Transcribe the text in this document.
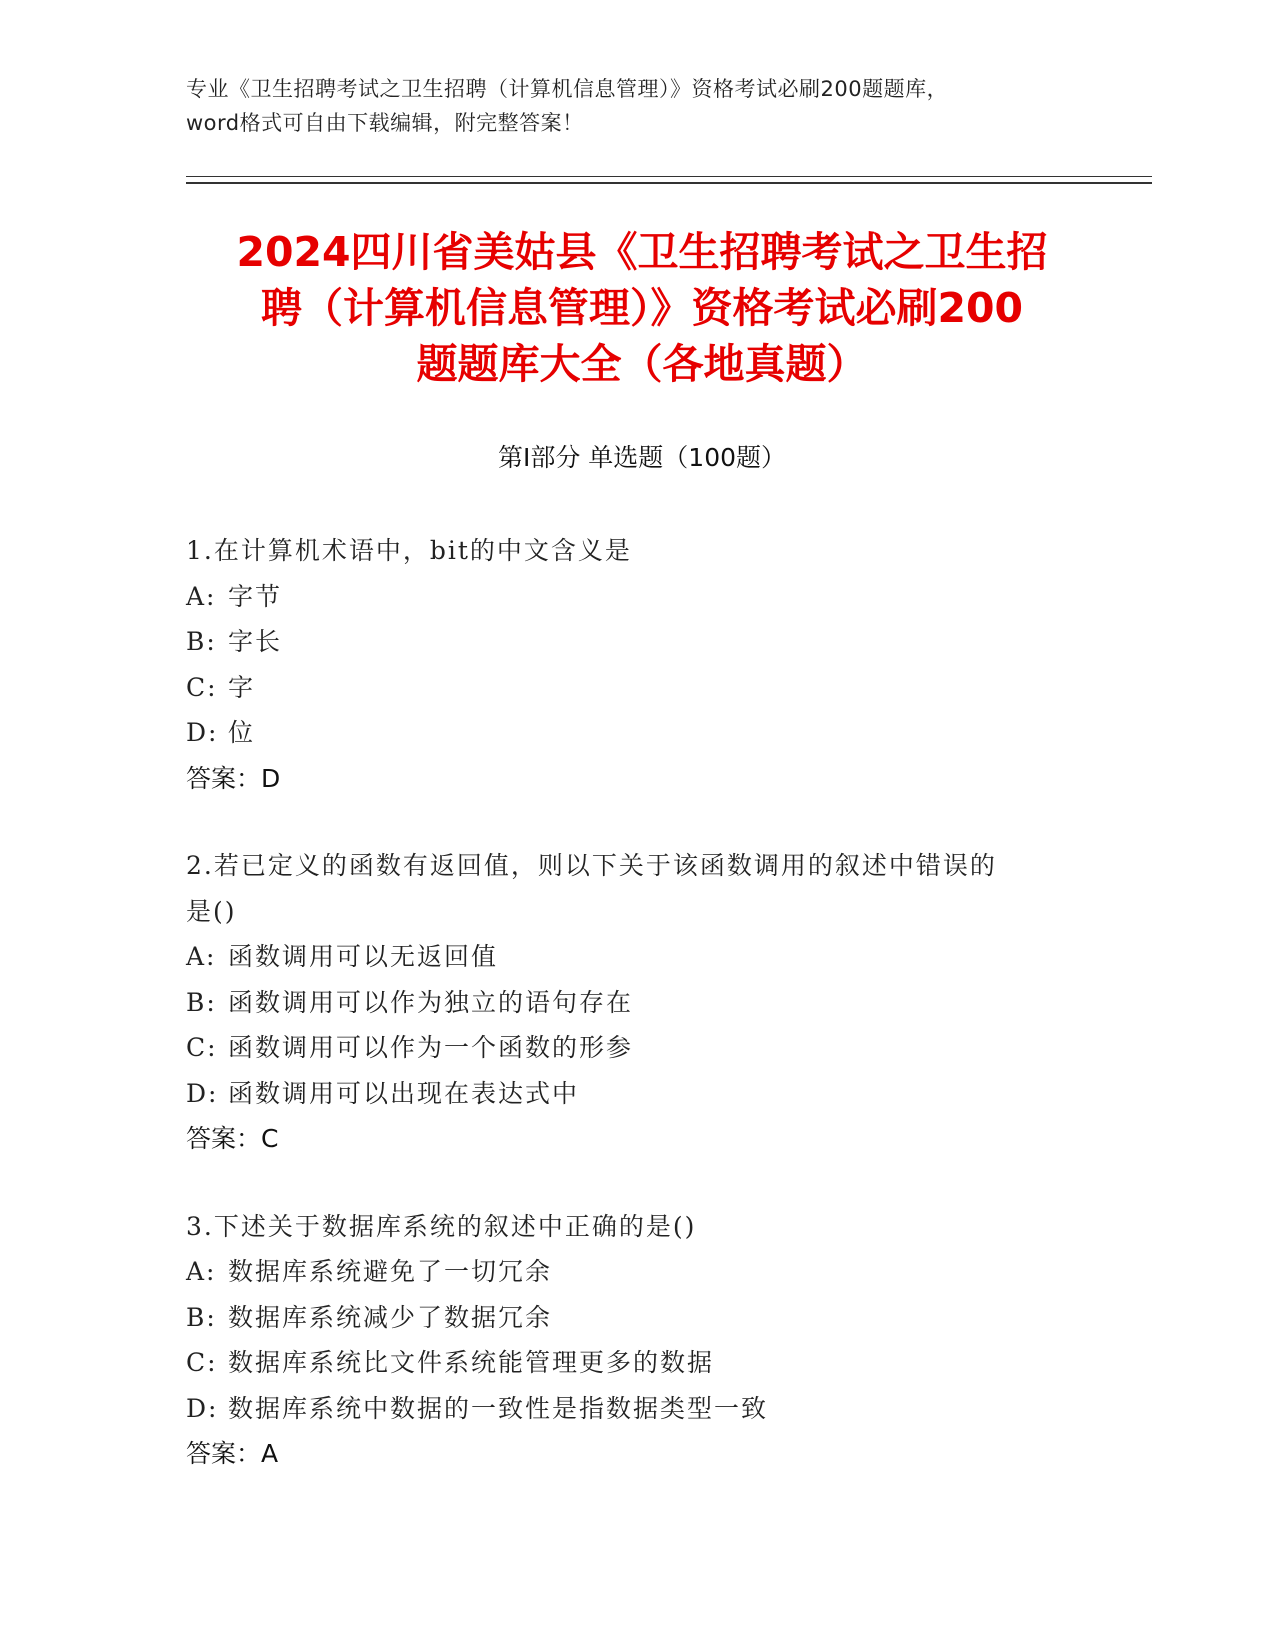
专业《卫生招聘考试之卫生招聘（计算机信息管理）》资格考试必刷200题题库，
word格式可自由下载编辑，附完整答案！
2024四川省美姑县《卫生招聘考试之卫生招
聘（计算机信息管理）》资格考试必刷200
题题库大全（各地真题）
第I部分 单选题（100题）
1.在计算机术语中，bit的中文含义是
A: 字节
B: 字长
C: 字
D: 位
答案：D
2.若已定义的函数有返回值，则以下关于该函数调用的叙述中错误的
是()
A: 函数调用可以无返回值
B: 函数调用可以作为独立的语句存在
C: 函数调用可以作为一个函数的形参
D: 函数调用可以出现在表达式中
答案：C
3.下述关于数据库系统的叙述中正确的是()
A: 数据库系统避免了一切冗余
B: 数据库系统减少了数据冗余
C: 数据库系统比文件系统能管理更多的数据
D: 数据库系统中数据的一致性是指数据类型一致
答案：A
